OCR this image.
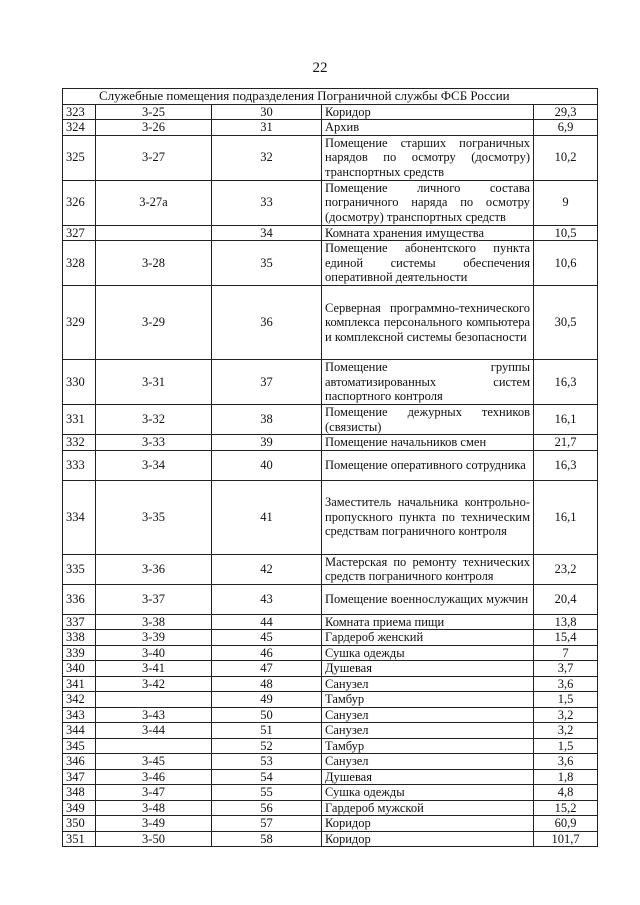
22
Служебные помещения подразделения Пограничной службы ФСБ России				
323	3-25	30	Коридор	29,3
324	3-26	31	Архив	6,9
325	3-27	32	Помещение старших пограничных нарядов по осмотру (досмотру) транспортных средств	10,2
326	3-27а	33	Помещение личного состава пограничного наряда по осмотру (досмотру) транспортных средств	9
327		34	Комната хранения имущества	10,5
328	3-28	35	Помещение абонентского пункта единой системы обеспечения оперативной деятельности	10,6
329	3-29	36	Серверная программно-технического комплекса персонального компьютера и комплексной системы безопасности	30,5
330	3-31	37	Помещение группы автоматизированных систем паспортного контроля	16,3
331	3-32	38	Помещение дежурных техников (связисты)	16,1
332	3-33	39	Помещение начальников смен	21,7
333	3-34	40	Помещение оперативного сотрудника	16,3
334	3-35	41	Заместитель начальника контрольно-пропускного пункта по техническим средствам пограничного контроля	16,1
335	3-36	42	Мастерская по ремонту технических средств пограничного контроля	23,2
336	3-37	43	Помещение военнослужащих мужчин	20,4
337	3-38	44	Комната приема пищи	13,8
338	3-39	45	Гардероб женский	15,4
339	3-40	46	Сушка одежды	7
340	3-41	47	Душевая	3,7
341	3-42	48	Санузел	3,6
342		49	Тамбур	1,5
343	3-43	50	Санузел	3,2
344	3-44	51	Санузел	3,2
345		52	Тамбур	1,5
346	3-45	53	Санузел	3,6
347	3-46	54	Душевая	1,8
348	3-47	55	Сушка одежды	4,8
349	3-48	56	Гардероб мужской	15,2
350	3-49	57	Коридор	60,9
351	3-50	58	Коридор	101,7
